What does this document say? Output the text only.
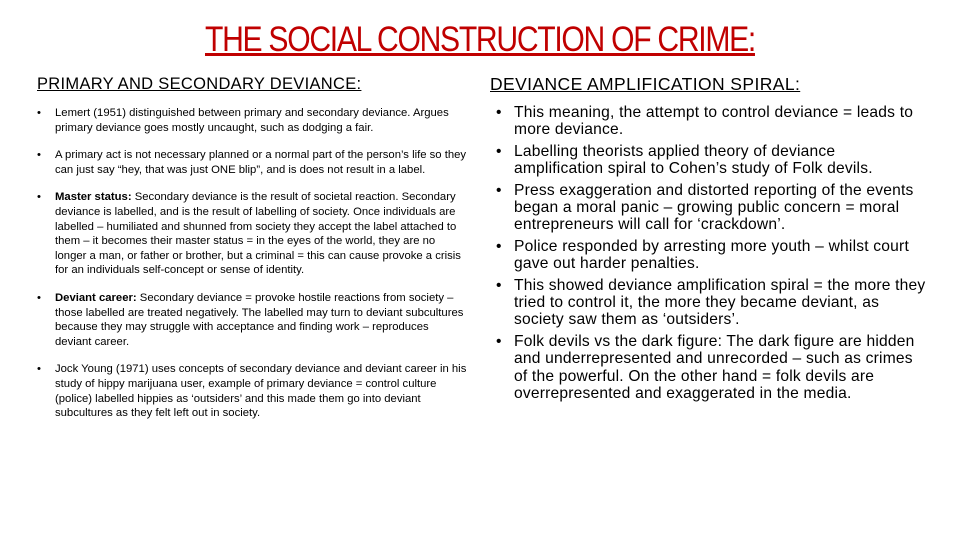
THE SOCIAL CONSTRUCTION OF CRIME:
PRIMARY AND SECONDARY DEVIANCE:
• Lemert (1951) distinguished between primary and secondary deviance. Argues primary deviance goes mostly uncaught, such as dodging a fair.
• A primary act is not necessary planned or a normal part of the person’s life so they can just say “hey, that was just ONE blip”, and is does not result in a label.
• Master status: Secondary deviance is the result of societal reaction. Secondary deviance is labelled, and is the result of labelling of society. Once individuals are labelled – humiliated and shunned from society they accept the label attached to them – it becomes their master status = in the eyes of the world, they are no longer a man, or father or brother, but a criminal = this can cause provoke a crisis for an individuals self-concept or sense of identity.
• Deviant career: Secondary deviance = provoke hostile reactions from society – those labelled are treated negatively. The labelled may turn to deviant subcultures because they may struggle with acceptance and finding work – reproduces deviant career.
• Jock Young (1971) uses concepts of secondary deviance and deviant career in his study of hippy marijuana user, example of primary deviance = control culture (police) labelled hippies as ‘outsiders’ and this made them go into deviant subcultures as they felt left out in society.
DEVIANCE AMPLIFICATION SPIRAL:
• This meaning, the attempt to control deviance = leads to more deviance.
• Labelling theorists applied theory of deviance amplification spiral to Cohen’s study of Folk devils.
• Press exaggeration and distorted reporting of the events began a moral panic – growing public concern = moral entrepreneurs will call for ‘crackdown’.
• Police responded by arresting more youth – whilst court gave out harder penalties.
• This showed deviance amplification spiral = the more they tried to control it, the more they became deviant, as society saw them as ‘outsiders’.
• Folk devils vs the dark figure: The dark figure are hidden and underrepresented and unrecorded – such as crimes of the powerful. On the other hand = folk devils are overrepresented and exaggerated in the media.
